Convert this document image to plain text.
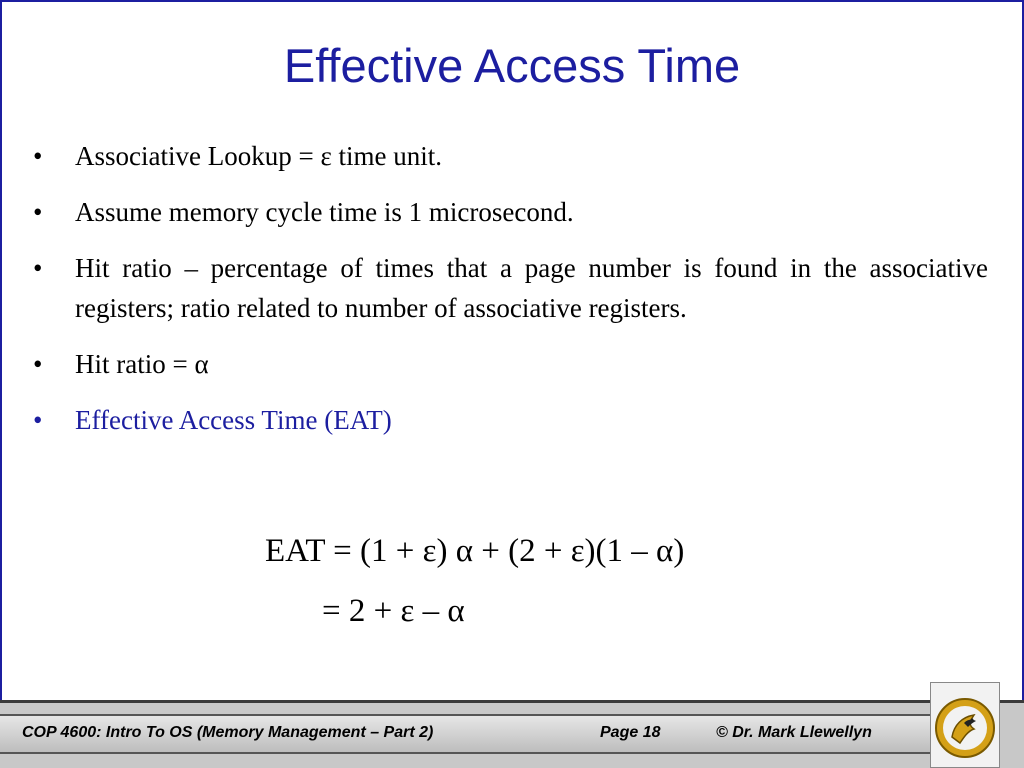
Effective Access Time
• Associative Lookup = ε time unit.
• Assume memory cycle time is 1 microsecond.
• Hit ratio – percentage of times that a page number is found in the associative registers; ratio related to number of associative registers.
• Hit ratio = α
• Effective Access Time (EAT)
EAT = (1 + ε) α + (2 + ε)(1 – α)
= 2 + ε – α
COP 4600: Intro To OS (Memory Management – Part 2)	Page 18	© Dr. Mark Llewellyn
